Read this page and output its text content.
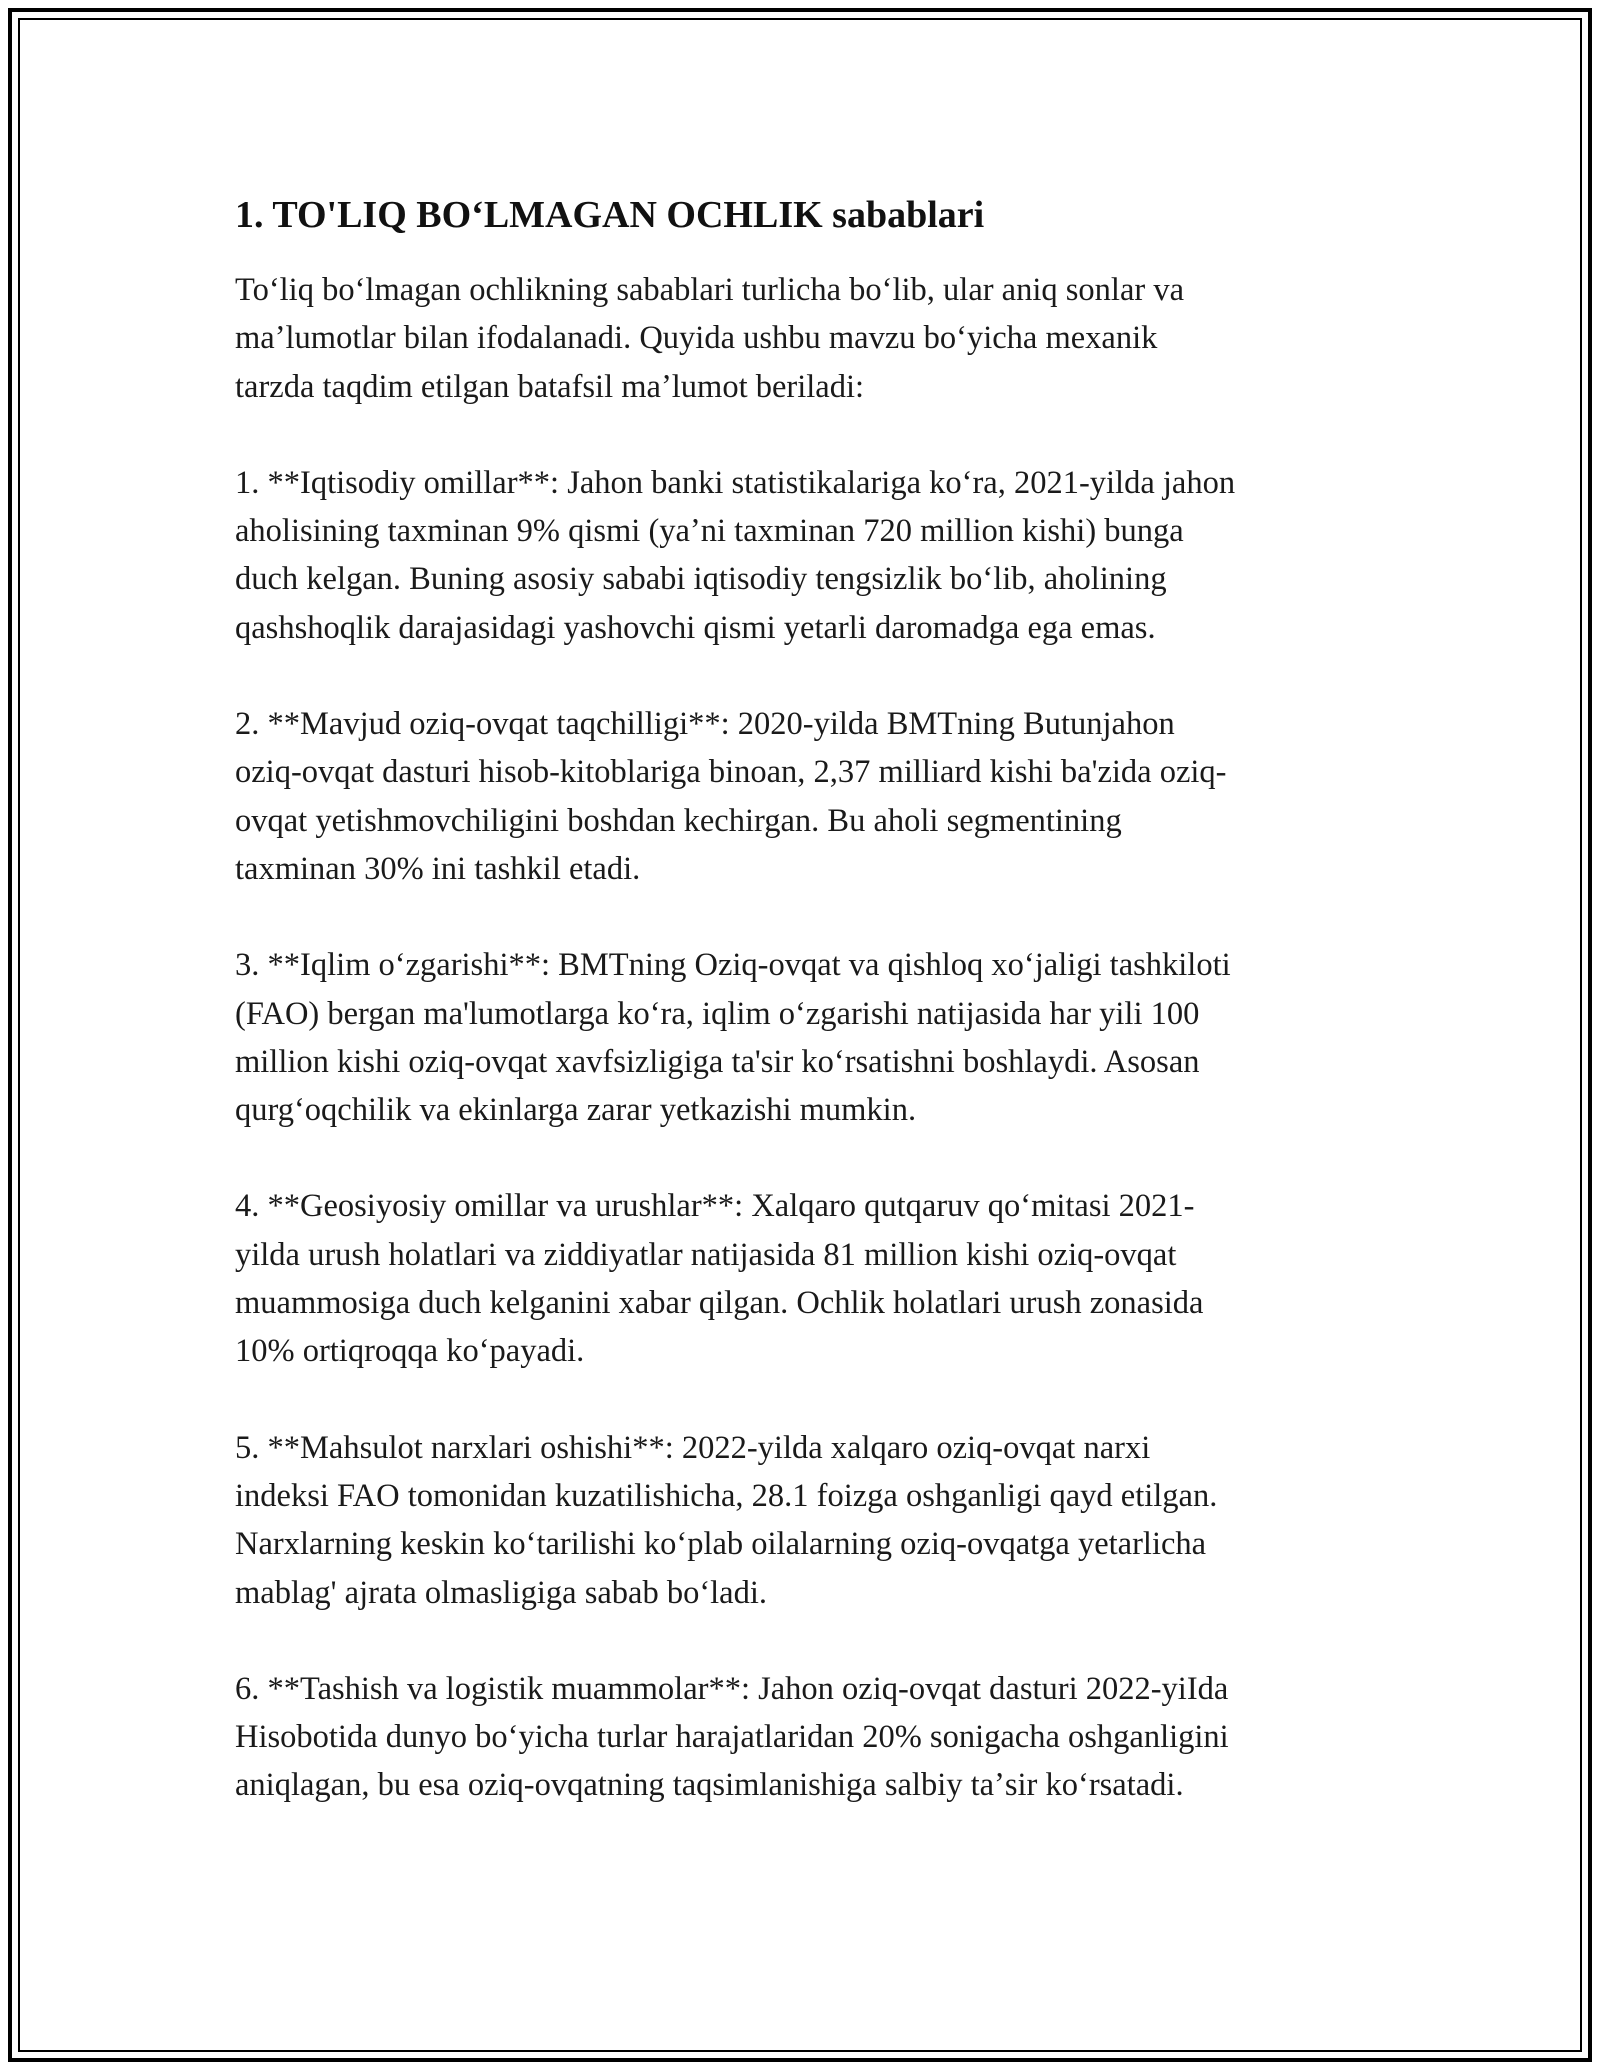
1. TO'LIQ BOʻLMAGAN OCHLIK sabablari

Toʻliq boʻlmagan ochlikning sabablari turlicha boʻlib, ular aniq sonlar va
maʼlumotlar bilan ifodalanadi. Quyida ushbu mavzu boʻyicha mexanik
tarzda taqdim etilgan batafsil maʼlumot beriladi:

1. **Iqtisodiy omillar**: Jahon banki statistikalariga koʻra, 2021-yilda jahon
aholisining taxminan 9% qismi (yaʼni taxminan 720 million kishi) bunga
duch kelgan. Buning asosiy sababi iqtisodiy tengsizlik boʻlib, aholining
qashshoqlik darajasidagi yashovchi qismi yetarli daromadga ega emas.

2. **Mavjud oziq-ovqat taqchilligi**: 2020-yilda BMTning Butunjahon
oziq-ovqat dasturi hisob-kitoblariga binoan, 2,37 milliard kishi ba'zida oziq-
ovqat yetishmovchiligini boshdan kechirgan. Bu aholi segmentining
taxminan 30% ini tashkil etadi.

3. **Iqlim oʻzgarishi**: BMTning Oziq-ovqat va qishloq xoʻjaligi tashkiloti
(FAO) bergan ma'lumotlarga koʻra, iqlim oʻzgarishi natijasida har yili 100
million kishi oziq-ovqat xavfsizligiga ta'sir koʻrsatishni boshlaydi. Asosan
qurgʻoqchilik va ekinlarga zarar yetkazishi mumkin.

4. **Geosiyosiy omillar va urushlar**: Xalqaro qutqaruv qoʻmitasi 2021-
yilda urush holatlari va ziddiyatlar natijasida 81 million kishi oziq-ovqat
muammosiga duch kelganini xabar qilgan. Ochlik holatlari urush zonasida
10% ortiqroqqa koʻpayadi.

5. **Mahsulot narxlari oshishi**: 2022-yilda xalqaro oziq-ovqat narxi
indeksi FAO tomonidan kuzatilishicha, 28.1 foizga oshganligi qayd etilgan.
Narxlarning keskin koʻtarilishi koʻplab oilalarning oziq-ovqatga yetarlicha
mablag' ajrata olmasligiga sabab boʻladi.

6. **Tashish va logistik muammolar**: Jahon oziq-ovqat dasturi 2022-yiIda
Hisobotida dunyo boʻyicha turlar harajatlaridan 20% sonigacha oshganligini
aniqlagan, bu esa oziq-ovqatning taqsimlanishiga salbiy taʼsir koʻrsatadi.
